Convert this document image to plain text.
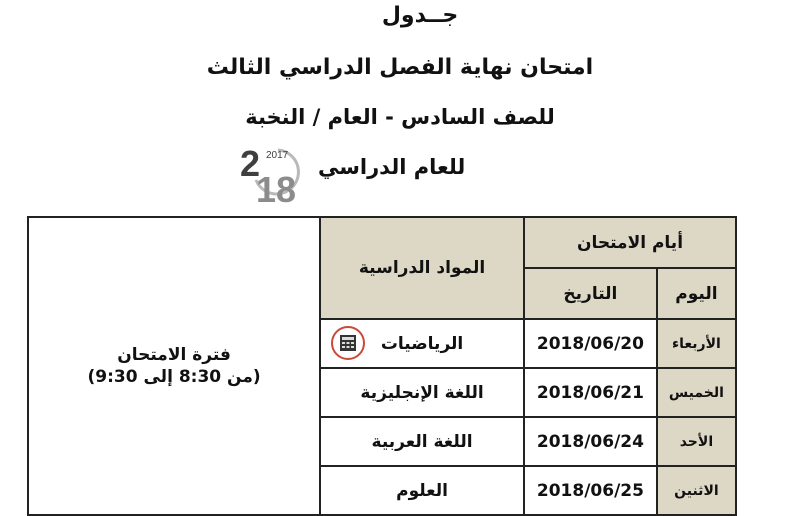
جــدول
امتحان نهاية الفصل الدراسي الثالث
للصف السادس - العام / النخبة
للعام الدراسي
2 2017
18
فترة الامتحان
(من 8:30 إلى 9:30)	المواد الدراسية	أيام الامتحان	
		التاريخ	اليوم
	الرياضيات	2018/06/20	الأربعاء
	اللغة الإنجليزية	2018/06/21	الخميس
	اللغة العربية	2018/06/24	الأحد
	العلوم	2018/06/25	الاثنين
